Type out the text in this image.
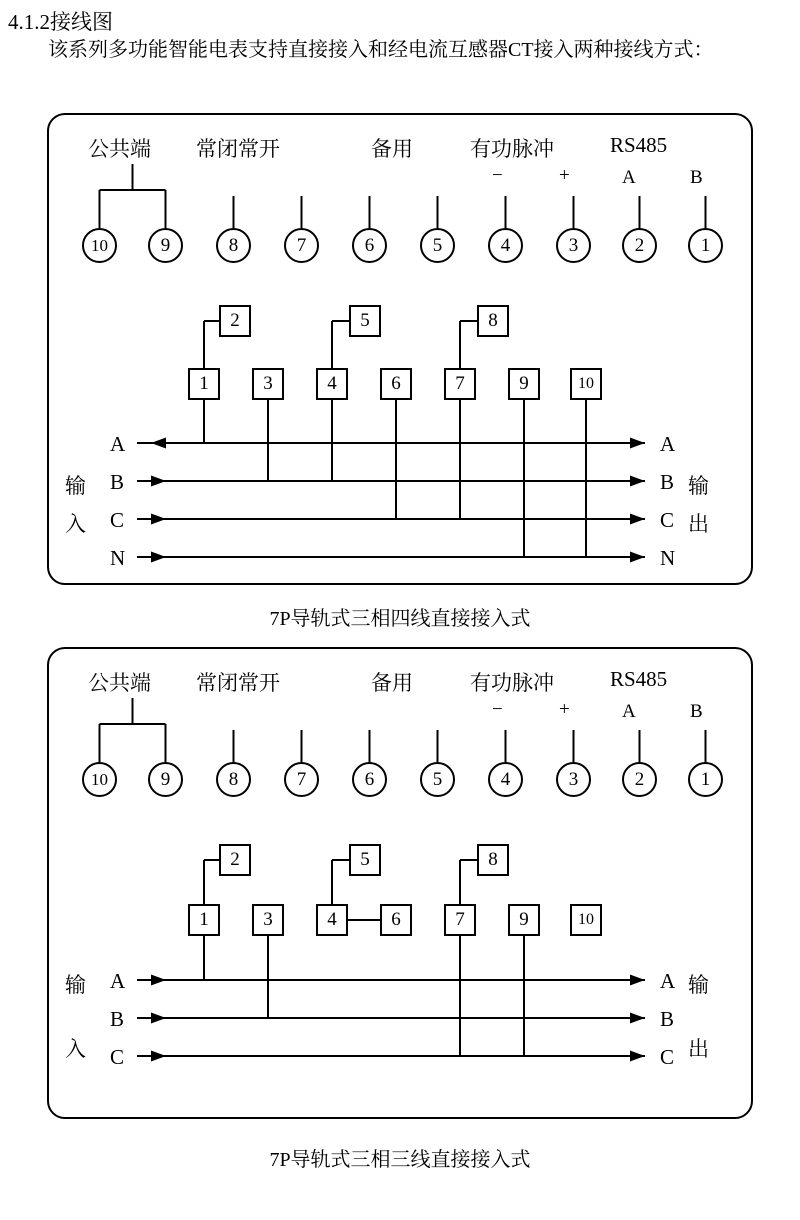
4.1.2接线图
该系列多功能智能电表支持直接接入和经电流互感器CT接入两种接线方式：
公共端 常闭常开	备用	有功脉冲	RS485
−	+	A	B
10	9	8	7	6	5	4	3	2	1
2	5	8
1	3	4	6	7	9	10
A
B
C
N
输
入
A
B
C
N
输
出
7P导轨式三相四线直接接入式
公共端 常闭常开	备用	有功脉冲	RS485
−	+	A	B
10	9	8	7	6	5	4	3	2	1
2	5	8
1	3	4	6	7	9	10
A
B
C
输
入
A
B
C
输
出
7P导轨式三相三线直接接入式
